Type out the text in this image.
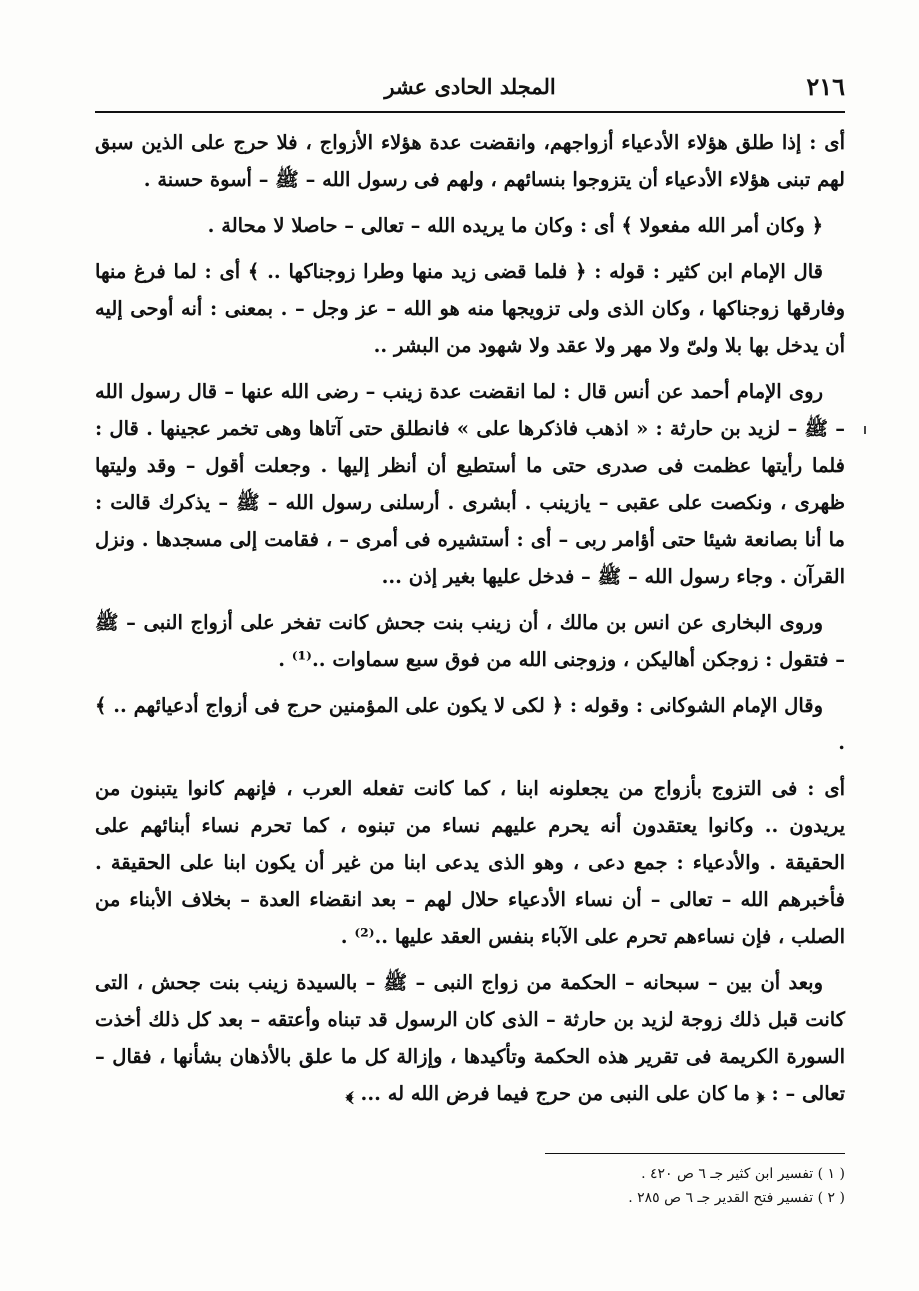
٢١٦
المجلد الحادى عشر

أى : إذا طلق هؤلاء الأدعياء أزواجهم، وانقضت عدة هؤلاء الأزواج ، فلا حرج على الذين سبق لهم تبنى هؤلاء الأدعياء أن يتزوجوا بنسائهم ، ولهم فى رسول الله – ﷺ – أسوة حسنة .

﴿ وكان أمر الله مفعولا ﴾ أى : وكان ما يريده الله – تعالى – حاصلا لا محالة .

قال الإمام ابن كثير : قوله : ﴿ فلما قضى زيد منها وطرا زوجناكها .. ﴾ أى : لما فرغ منها وفارقها زوجناكها ، وكان الذى ولى تزويجها منه هو الله – عز وجل – . بمعنى : أنه أوحى إليه أن يدخل بها بلا ولىّ ولا مهر ولا عقد ولا شهود من البشر ..

روى الإمام أحمد عن أنس قال : لما انقضت عدة زينب – رضى الله عنها – قال رسول الله – ﷺ – لزيد بن حارثة : « اذهب فاذكرها على » فانطلق حتى آتاها وهى تخمر عجينها . قال : فلما رأيتها عظمت فى صدرى حتى ما أستطيع أن أنظر إليها . وجعلت أقول – وقد وليتها ظهرى ، ونكصت على عقبى – يازينب . أبشرى . أرسلنى رسول الله – ﷺ – يذكرك قالت : ما أنا بصانعة شيئا حتى أؤامر ربى – أى : أستشيره فى أمرى – ، فقامت إلى مسجدها . ونزل القرآن . وجاء رسول الله – ﷺ – فدخل عليها بغير إذن ...

وروى البخارى عن انس بن مالك ، أن زينب بنت جحش كانت تفخر على أزواج النبى – ﷺ – فتقول : زوجكن أهاليكن ، وزوجنى الله من فوق سبع سماوات ..⁽¹⁾ .

وقال الإمام الشوكانى : وقوله : ﴿ لكى لا يكون على المؤمنين حرج فى أزواج أدعيائهم .. ﴾ .

أى : فى التزوج بأزواج من يجعلونه ابنا ، كما كانت تفعله العرب ، فإنهم كانوا يتبنون من يريدون .. وكانوا يعتقدون أنه يحرم عليهم نساء من تبنوه ، كما تحرم نساء أبنائهم على الحقيقة . والأدعياء : جمع دعى ، وهو الذى يدعى ابنا من غير أن يكون ابنا على الحقيقة . فأخبرهم الله – تعالى – أن نساء الأدعياء حلال لهم – بعد انقضاء العدة – بخلاف الأبناء من الصلب ، فإن نساءهم تحرم على الآباء بنفس العقد عليها ..⁽²⁾ .

وبعد أن بين – سبحانه – الحكمة من زواج النبى – ﷺ – بالسيدة زينب بنت جحش ، التى كانت قبل ذلك زوجة لزيد بن حارثة – الذى كان الرسول قد تبناه وأعتقه – بعد كل ذلك أخذت السورة الكريمة فى تقرير هذه الحكمة وتأكيدها ، وإزالة كل ما علق بالأذهان بشأنها ، فقال – تعالى – : ﴿ ما كان على النبى من حرج فيما فرض الله له ... ﴾

( ١ ) تفسير ابن كثير جـ ٦ ص ٤٢٠ .
( ٢ ) تفسير فتح القدير جـ ٦ ص ٢٨٥ .
